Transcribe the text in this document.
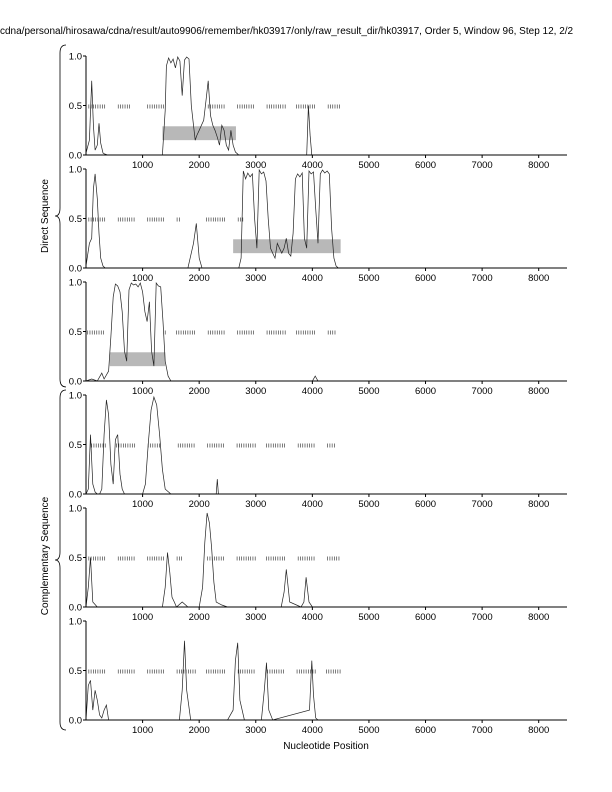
cdna/personal/hirosawa/cdna/result/auto9906/remember/hk03917/only/raw_result_dir/hk03917, Order 5, Window 96, Step 12, 2/2
0.0
0.5
1.0
1000	2000	3000	4000	5000	6000	7000	8000
0.0
0.5
1.0
1000	2000	3000	4000	5000	6000	7000	8000
0.0
0.5
1.0
1000	2000	3000	4000	5000	6000	7000	8000
0.0
0.5
1.0
1000	2000	3000	4000	5000	6000	7000	8000
0.0
0.5
1.0
1000	2000	3000	4000	5000	6000	7000	8000
0.0
0.5
1.0
1000	2000	3000	4000	5000	6000	7000	8000
Nucleotide Position
Direct Sequence
Complementary Sequence
